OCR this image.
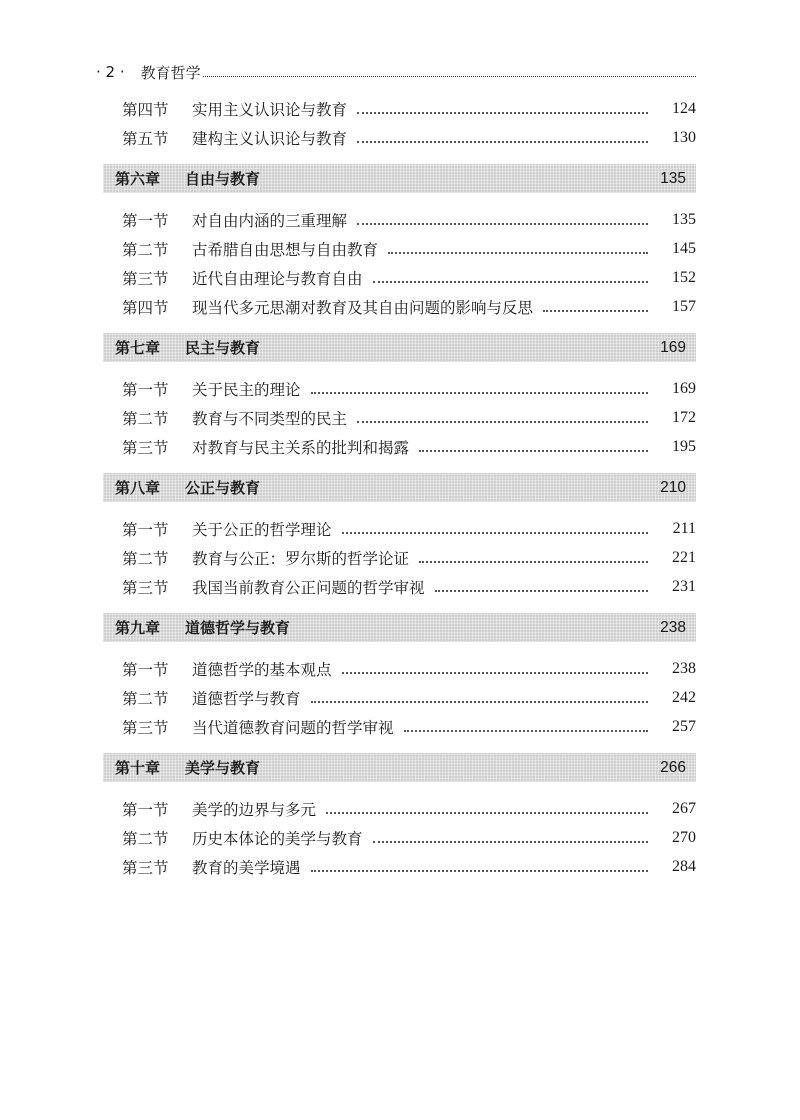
· 2 · 教育哲学
第四节	实用主义认识论与教育	124
第五节	建构主义认识论与教育	130
第六章	自由与教育	135
第一节	对自由内涵的三重理解	135
第二节	古希腊自由思想与自由教育	145
第三节	近代自由理论与教育自由	152
第四节	现当代多元思潮对教育及其自由问题的影响与反思	157
第七章	民主与教育	169
第一节	关于民主的理论	169
第二节	教育与不同类型的民主	172
第三节	对教育与民主关系的批判和揭露	195
第八章	公正与教育	210
第一节	关于公正的哲学理论	211
第二节	教育与公正：罗尔斯的哲学论证	221
第三节	我国当前教育公正问题的哲学审视	231
第九章	道德哲学与教育	238
第一节	道德哲学的基本观点	238
第二节	道德哲学与教育	242
第三节	当代道德教育问题的哲学审视	257
第十章	美学与教育	266
第一节	美学的边界与多元	267
第二节	历史本体论的美学与教育	270
第三节	教育的美学境遇	284
